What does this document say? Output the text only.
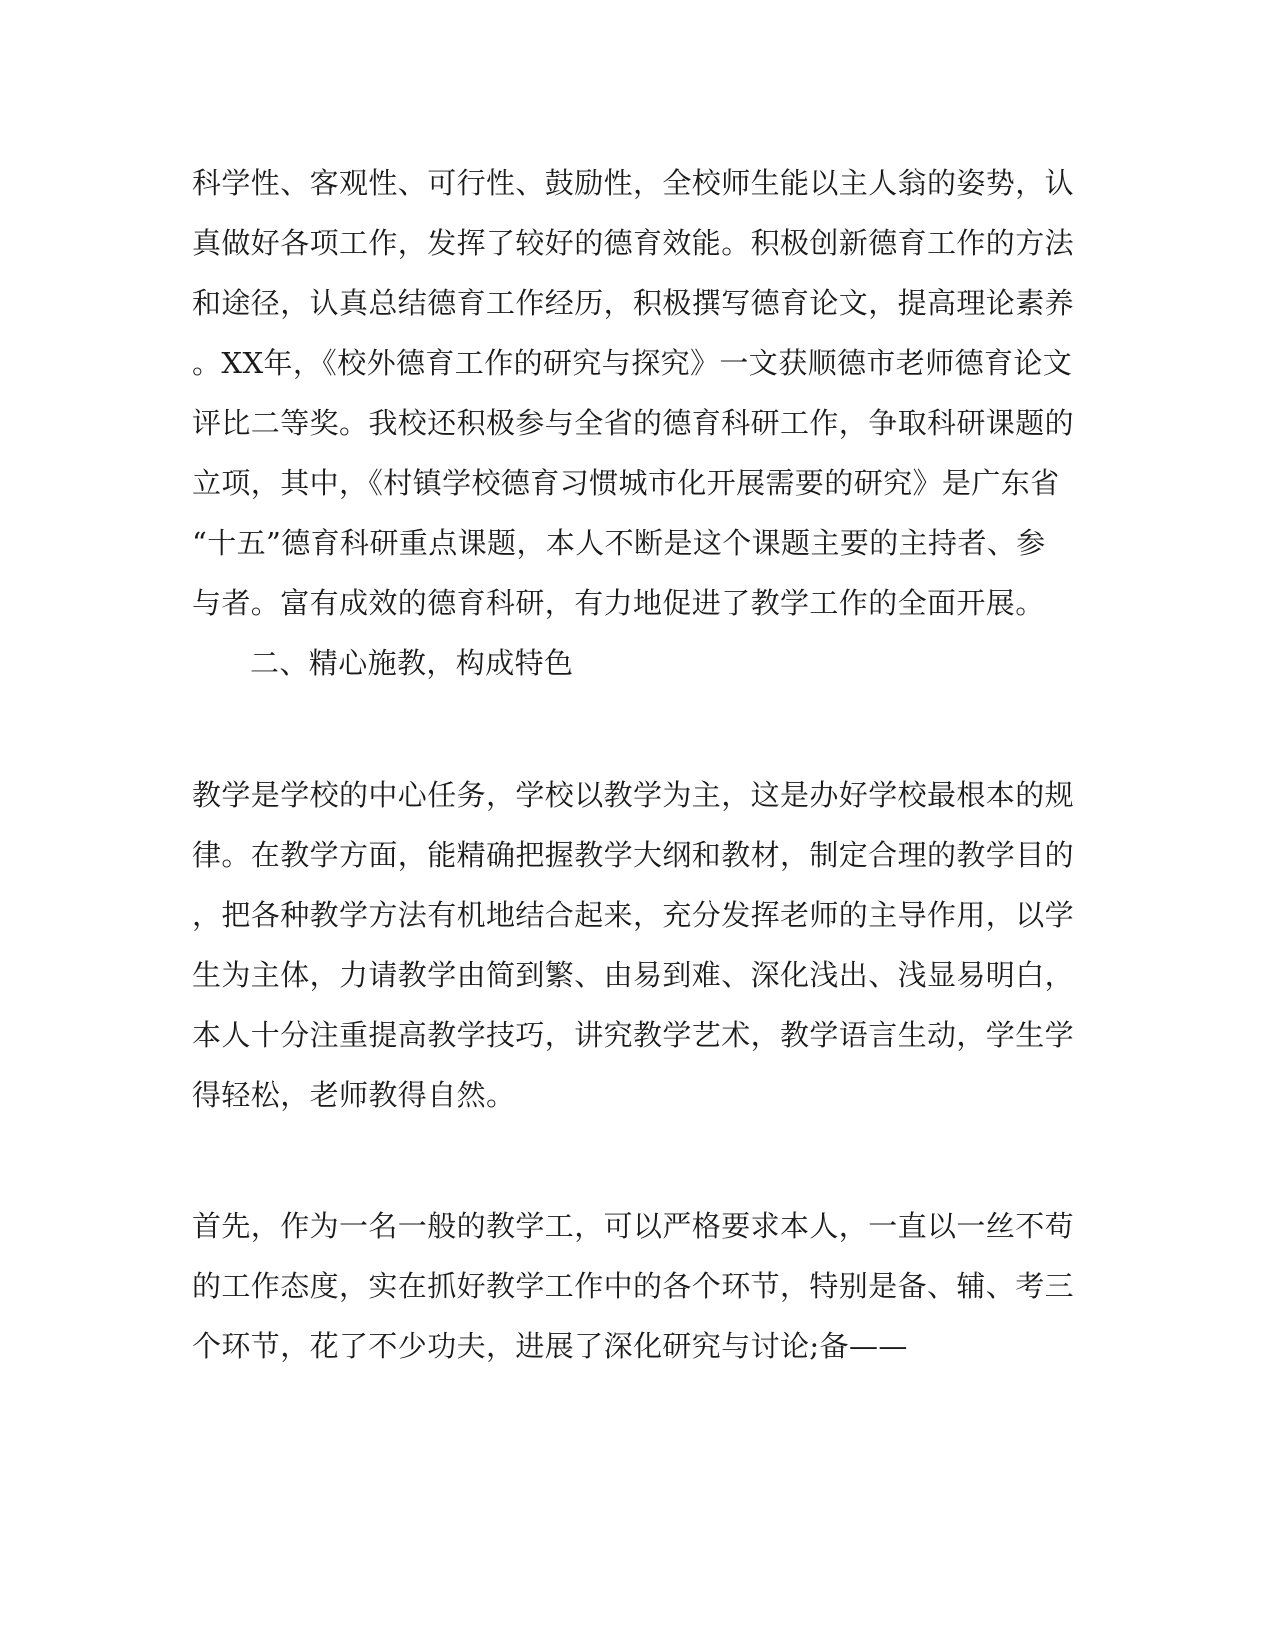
科学性、客观性、可行性、鼓励性，全校师生能以主人翁的姿势，认
真做好各项工作，发挥了较好的德育效能。积极创新德育工作的方法
和途径，认真总结德育工作经历，积极撰写德育论文，提高理论素养
。XX年，《校外德育工作的研究与探究》一文获顺德市老师德育论文
评比二等奖。我校还积极参与全省的德育科研工作，争取科研课题的
立项，其中，《村镇学校德育习惯城市化开展需要的研究》是广东省
“十五”德育科研重点课题，本人不断是这个课题主要的主持者、参
与者。富有成效的德育科研，有力地促进了教学工作的全面开展。
二、精心施教，构成特色
教学是学校的中心任务，学校以教学为主，这是办好学校最根本的规
律。在教学方面，能精确把握教学大纲和教材，制定合理的教学目的
，把各种教学方法有机地结合起来，充分发挥老师的主导作用，以学
生为主体，力请教学由简到繁、由易到难、深化浅出、浅显易明白，
本人十分注重提高教学技巧，讲究教学艺术，教学语言生动，学生学
得轻松，老师教得自然。
首先，作为一名一般的教学工，可以严格要求本人，一直以一丝不苟
的工作态度，实在抓好教学工作中的各个环节，特别是备、辅、考三
个环节，花了不少功夫，进展了深化研究与讨论;备——
